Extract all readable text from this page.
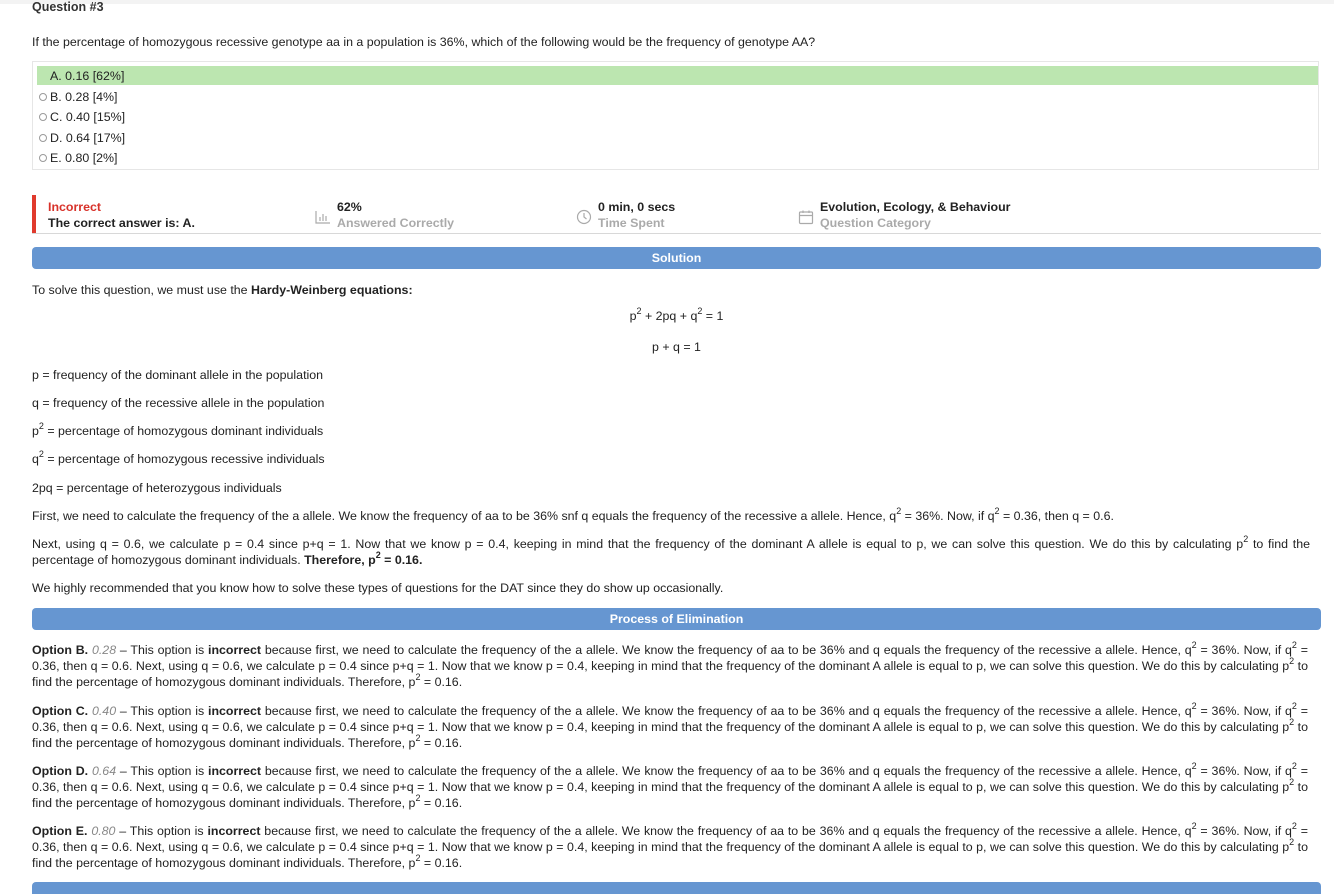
Question #3
If the percentage of homozygous recessive genotype aa in a population is 36%, which of the following would be the frequency of genotype AA?
A. 0.16 [62%]
B. 0.28 [4%]
C. 0.40 [15%]
D. 0.64 [17%]
E. 0.80 [2%]
Incorrect
The correct answer is: A.
62%
Answered Correctly
0 min, 0 secs
Time Spent
Evolution, Ecology, & Behaviour
Question Category
Solution
To solve this question, we must use the Hardy-Weinberg equations:
$p^2 + 2pq + q^2 = 1$
p + q = 1
p = frequency of the dominant allele in the population
q = frequency of the recessive allele in the population
$p^2$ = percentage of homozygous dominant individuals
$q^2$ = percentage of homozygous recessive individuals
2pq = percentage of heterozygous individuals
First, we need to calculate the frequency of the a allele. We know the frequency of aa to be 36% snf q equals the frequency of the recessive a allele. Hence, $q^2 = 36\%$. Now, if $q^2 = 0.36$, then q = 0.6.
Next, using q = 0.6, we calculate p = 0.4 since p+q = 1. Now that we know p = 0.4, keeping in mind that the frequency of the dominant A allele is equal to p, we can solve this question. We do this by calculating $p^2$ to find the percentage of homozygous dominant individuals. Therefore, $p^2 = 0.16$.
We highly recommended that you know how to solve these types of questions for the DAT since they do show up occasionally.
Process of Elimination
Option B. 0.28 – This option is incorrect because first, we need to calculate the frequency of the a allele. We know the frequency of aa to be 36% and q equals the frequency of the recessive a allele. Hence, $q^2 = 36\%$. Now, if $q^2 = 0.36$, then q = 0.6. Next, using q = 0.6, we calculate p = 0.4 since p+q = 1. Now that we know p = 0.4, keeping in mind that the frequency of the dominant A allele is equal to p, we can solve this question. We do this by calculating $p^2$ to find the percentage of homozygous dominant individuals. Therefore, $p^2 = 0.16$.
Option C. 0.40 – This option is incorrect because first, we need to calculate the frequency of the a allele. We know the frequency of aa to be 36% and q equals the frequency of the recessive a allele. Hence, $q^2 = 36\%$. Now, if $q^2 = 0.36$, then q = 0.6. Next, using q = 0.6, we calculate p = 0.4 since p+q = 1. Now that we know p = 0.4, keeping in mind that the frequency of the dominant A allele is equal to p, we can solve this question. We do this by calculating $p^2$ to find the percentage of homozygous dominant individuals. Therefore, $p^2 = 0.16$.
Option D. 0.64 – This option is incorrect because first, we need to calculate the frequency of the a allele. We know the frequency of aa to be 36% and q equals the frequency of the recessive a allele. Hence, $q^2 = 36\%$. Now, if $q^2 = 0.36$, then q = 0.6. Next, using q = 0.6, we calculate p = 0.4 since p+q = 1. Now that we know p = 0.4, keeping in mind that the frequency of the dominant A allele is equal to p, we can solve this question. We do this by calculating $p^2$ to find the percentage of homozygous dominant individuals. Therefore, $p^2 = 0.16$.
Option E. 0.80 – This option is incorrect because first, we need to calculate the frequency of the a allele. We know the frequency of aa to be 36% and q equals the frequency of the recessive a allele. Hence, $q^2 = 36\%$. Now, if $q^2 = 0.36$, then q = 0.6. Next, using q = 0.6, we calculate p = 0.4 since p+q = 1. Now that we know p = 0.4, keeping in mind that the frequency of the dominant A allele is equal to p, we can solve this question. We do this by calculating $p^2$ to find the percentage of homozygous dominant individuals. Therefore, $p^2 = 0.16$.
